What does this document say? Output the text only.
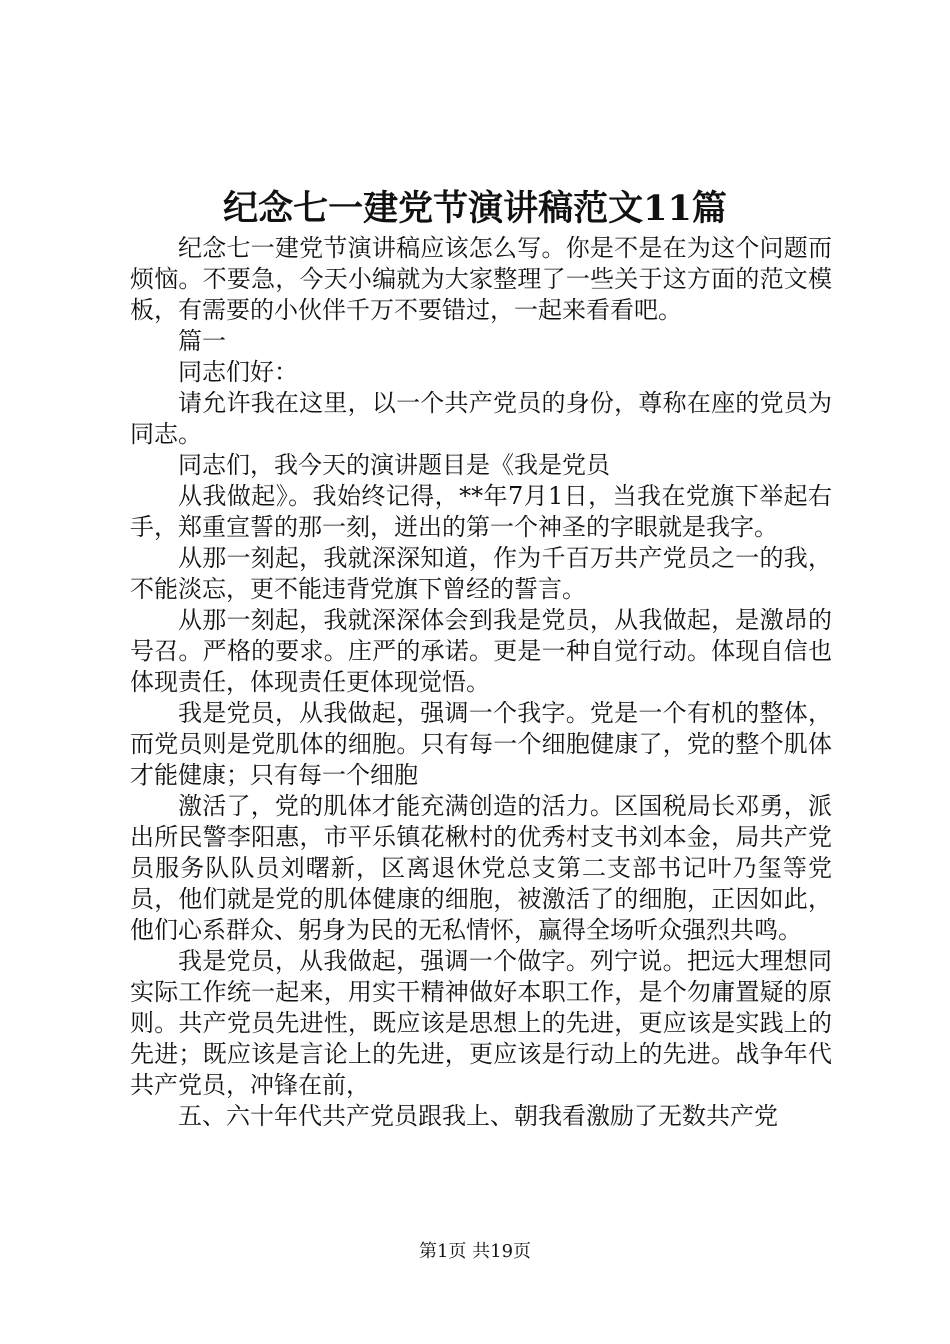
纪念七一建党节演讲稿范文11篇

纪念七一建党节演讲稿应该怎么写。你是不是在为这个问题而烦恼。不要急，今天小编就为大家整理了一些关于这方面的范文模板，有需要的小伙伴千万不要错过，一起来看看吧。

篇一

同志们好：

请允许我在这里，以一个共产党员的身份，尊称在座的党员为同志。

同志们，我今天的演讲题目是《我是党员

从我做起》。我始终记得，**年7月1日，当我在党旗下举起右手，郑重宣誓的那一刻，迸出的第一个神圣的字眼就是我字。

从那一刻起，我就深深知道，作为千百万共产党员之一的我，不能淡忘，更不能违背党旗下曾经的誓言。

从那一刻起，我就深深体会到我是党员，从我做起，是激昂的号召。严格的要求。庄严的承诺。更是一种自觉行动。体现自信也体现责任，体现责任更体现觉悟。

我是党员，从我做起，强调一个我字。党是一个有机的整体，而党员则是党肌体的细胞。只有每一个细胞健康了，党的整个肌体才能健康；只有每一个细胞

激活了，党的肌体才能充满创造的活力。区国税局长邓勇，派出所民警李阳惠，市平乐镇花楸村的优秀村支书刘本金，局共产党员服务队队员刘曙新，区离退休党总支第二支部书记叶乃玺等党员，他们就是党的肌体健康的细胞，被激活了的细胞，正因如此，他们心系群众、躬身为民的无私情怀，赢得全场听众强烈共鸣。

我是党员，从我做起，强调一个做字。列宁说。把远大理想同实际工作统一起来，用实干精神做好本职工作，是个勿庸置疑的原则。共产党员先进性，既应该是思想上的先进，更应该是实践上的先进；既应该是言论上的先进，更应该是行动上的先进。战争年代共产党员，冲锋在前，

五、六十年代共产党员跟我上、朝我看激励了无数共产党

第1页 共19页
